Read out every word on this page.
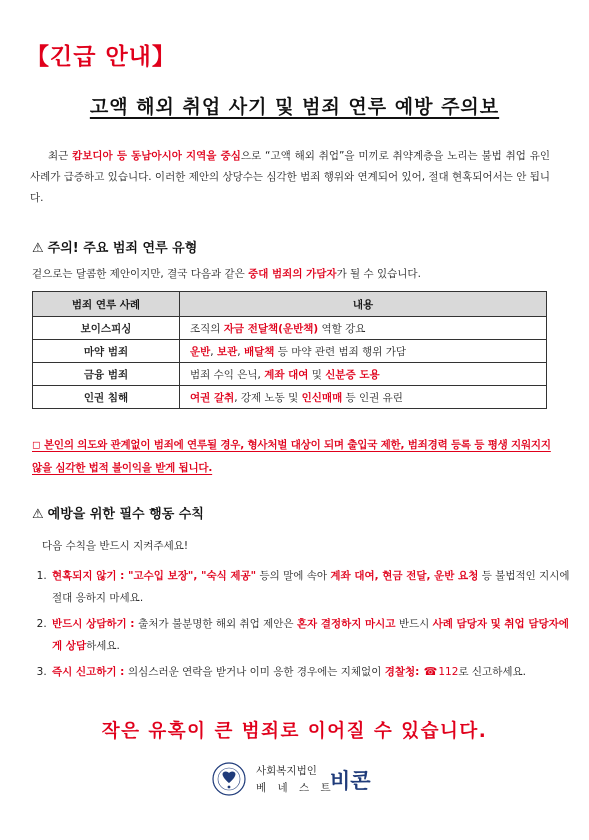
【긴급 안내】
고액 해외 취업 사기 및 범죄 연루 예방 주의보

최근 캄보디아 등 동남아시아 지역을 중심으로 “고액 해외 취업”을 미끼로 취약계층을 노리는 불법 취업 유인 사례가 급증하고 있습니다. 이러한 제안의 상당수는 심각한 범죄 행위와 연계되어 있어, 절대 현혹되어서는 안 됩니다.

⚠ 주의! 주요 범죄 연루 유형

겉으로는 달콤한 제안이지만, 결국 다음과 같은 중대 범죄의 가담자가 될 수 있습니다.

범죄 연루 사례	내용
보이스피싱	조직의 자금 전달책(운반책) 역할 강요
마약 범죄	운반, 보관, 배달책 등 마약 관련 범죄 행위 가담
금융 범죄	범죄 수익 은닉, 계좌 대여 및 신분증 도용
인권 침해	여권 갈취, 강제 노동 및 인신매매 등 인권 유린

◻ 본인의 의도와 관계없이 범죄에 연루될 경우, 형사처벌 대상이 되며 출입국 제한, 범죄경력 등록 등 평생 지워지지 않을 심각한 법적 불이익을 받게 됩니다.

⚠ 예방을 위한 필수 행동 수칙

다음 수칙을 반드시 지켜주세요!

1. 현혹되지 않기 : "고수입 보장", "숙식 제공" 등의 말에 속아 계좌 대여, 현금 전달, 운반 요청 등 불법적인 지시에 절대 응하지 마세요.
2. 반드시 상담하기 : 출처가 불분명한 해외 취업 제안은 혼자 결정하지 마시고 반드시 사례 담당자 및 취업 담당자에게 상담하세요.
3. 즉시 신고하기 : 의심스러운 연락을 받거나 이미 응한 경우에는 지체없이 경찰청: ☎112로 신고하세요.

작은 유혹이 큰 범죄로 이어질 수 있습니다.

사회복지법인
베 네 스 트
비콘
